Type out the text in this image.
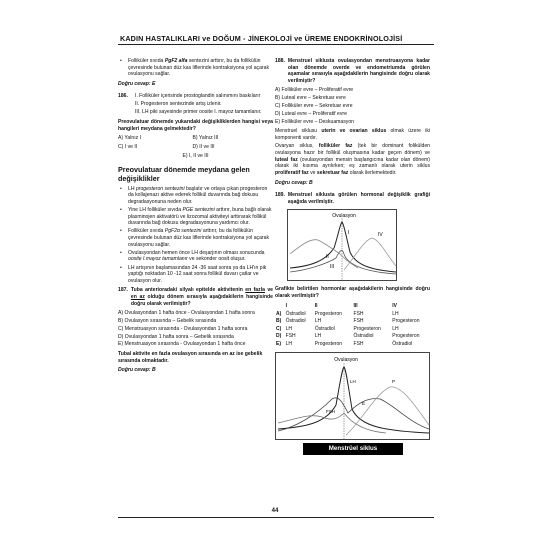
KADIN HASTALIKLARI ve DOĞUM - JİNEKOLOJİ ve ÜREME ENDOKRİNOLOJİSİ
• Folliküler sıvıda PgF2 alfa sentezini arttırır, bu da follikülün çevresinde bulunan düz kas liflerinde kontraksiyona yol açarak ovulasyonu sağlar.

Doğru cevap: E

186. I. Folliküler içerisinde prostoglandin salınımını baskılarır
II. Progesteron sentezinde artış izlenir.
III. LH piki sayesinde primer oosite I. mayoz tamamlanır.

Preovulatuar dönemde yukarıdaki değişikliklerden hangisi veya hangileri meydana gelmektedir?

A) Yalnız I	B) Yalnız III
C) I ve II	D) II ve III
E) I, II ve III
Preovulatuar dönemde meydana gelen değişiklikler
• LH progesteron sentezini başlatır ve ortaya çıkan progesteron da kollajenazı aktive ederek follikül duvarında bağ dokusu degradasyonuna neden olur.
• Yine LH folliküler sıvıda PGE sentezini arttırır, buna bağlı olarak plasminojen aktivatörü ve lizozomal aktiviteyi arttırarak follikül duvarında bağ dokusu degradasyonuna yardımcı olur.
• Folliküler sıvıda PgF2α sentezini arttırır, bu da follikülün çevresinde bulunan düz kas liflerinde kontraksiyona yol açarak ovulasyonu sağlar.
• Ovulasyondan hemen önce LH deşarjının olması sonucunda oosite I.mayoz tamamlanır ve sekonder oosit oluşur.
• LH artışının başlamasından 24 -36 saat sonra ya da LH'ın pik yaptığı noktadan 10 -12 saat sonra follikül duvarı çatlar ve ovulasyon olur.
187. Tuba anterioradaki silyalı epitelde aktivitenin en fazla ve en az olduğu dönem sırasıyla aşağıdakilerin hangisinde doğru olarak verilmiştir?
A) Ovulasyondan 1 hafta önce - Ovulasyondan 1 hafta sonra
B) Ovulasyon sırasında – Gebelik sırasında
C) Menstruasyon sırasında - Ovulasyondan 1 hafta sonra
D) Ovulasyondan 1 hafta sonra – Gebelik sırasında
E) Menstruasyon sırasında - Ovulasyondan 1 hafta önce

Tubal aktivite en fazla ovulasyon sırasında en az ise gebelik sırasında olmaktadır.

Doğru cevap: B

188. Menstruel siklusta ovulasyondan menstruasyona kadar olan dönemde overde ve endometriumda görülen aşamalar sırasıyla aşağıdakilerin hangisinde doğru olarak verilmiştir?
A) Folliküler evre – Proliferatif evre
B) Luteal evre – Sekretuar evre
C) Folliküler evre – Sekretuar evre
D) Luteal evre – Proliferatif evre
E) Folliküler evre – Deskuamasyon

Menstruel siklusu uterin ve ovarian siklus olmak üzere iki komponenti vardır.

Ovaryan siklus, folliküler faz (tek bir dominant folikülden ovulasyona hazır bir follikül oluşmasına kadar geçen dönem) ve luteal faz (ovulasyondan mensin başlangıcına kadar olan dönem) olarak iki kısıma ayrılırken; eş zamanlı olarak uterin siklus proliferatif faz ve sekretuar faz olarak ilerlemektedir.

Doğru cevap: B

189. Menstruel siklusta görülen hormonal değişiklik grafiği aşağıda verilmiştir.
Ovulasyon
I
II
III
IV

Grafikte belirtilen hormonlar aşağıdakilerin hangisinde doğru olarak verilmiştir?

	I	II	III	IV
A)	Östradiol	Progesteron	FSH	LH
B)	Östradiol	LH	FSH	Progesteron
C)	LH	Östradiol	Progesteron	LH
D)	FSH	LH	Östradiol	Progesteron
E)	LH	Progesteron	FSH	Östradiol
Ovulasyon
LH
E
FSH
P
Menstrüel siklus
44
